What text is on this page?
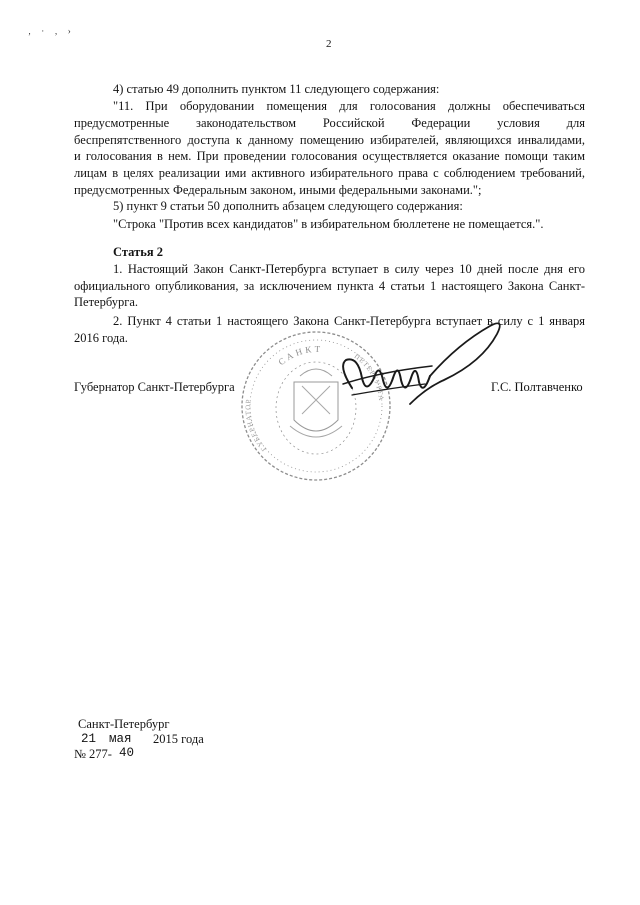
‚ · ‚ ›
2
4) статью 49 дополнить пунктом 11 следующего содержания:
"11. При оборудовании помещения для голосования должны обеспечиваться
предусмотренные законодательством Российской Федерации условия для
беспрепятственного доступа к данному помещению избирателей, являющихся инвалидами,
и голосования в нем. При проведении голосования осуществляется оказание помощи таким
лицам в целях реализации ими активного избирательного права с соблюдением требований,
предусмотренных Федеральным законом, иными федеральными законами.";
5) пункт 9 статьи 50 дополнить абзацем следующего содержания:
"Строка "Против всех кандидатов" в избирательном бюллетене не помещается.".
Статья 2
1. Настоящий Закон Санкт-Петербурга вступает в силу через 10 дней после дня его
официального опубликования, за исключением пункта 4 статьи 1 настоящего Закона Санкт-
Петербурга.
2. Пункт 4 статьи 1 настоящего Закона Санкт-Петербурга вступает в силу с 1 января
2016 года.
САНКТ
ГУБЕРНАТОР
ПЕТЕРБУРГА
Губернатор Санкт-Петербурга	Г.С. Полтавченко
Санкт-Петербург
21 мая 2015 года
№ 277- 40
